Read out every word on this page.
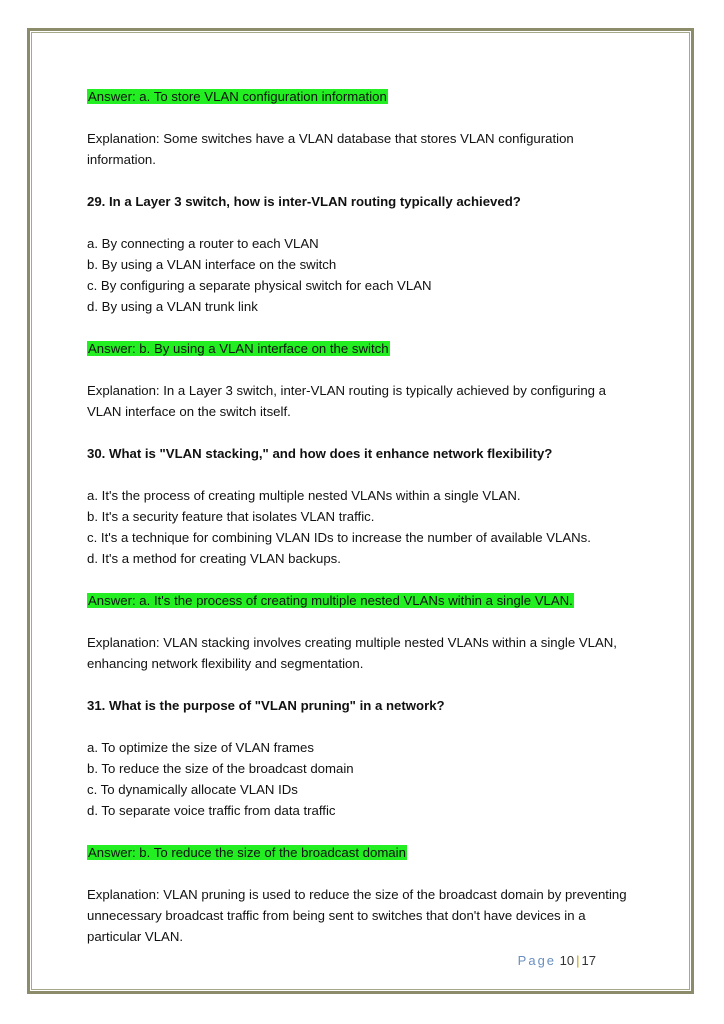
Answer: a. To store VLAN configuration information

Explanation: Some switches have a VLAN database that stores VLAN configuration

information.

29. In a Layer 3 switch, how is inter-VLAN routing typically achieved?

a. By connecting a router to each VLAN

b. By using a VLAN interface on the switch

c. By configuring a separate physical switch for each VLAN

d. By using a VLAN trunk link

Answer: b. By using a VLAN interface on the switch

Explanation: In a Layer 3 switch, inter-VLAN routing is typically achieved by configuring a

VLAN interface on the switch itself.

30. What is "VLAN stacking," and how does it enhance network flexibility?

a. It's the process of creating multiple nested VLANs within a single VLAN.

b. It's a security feature that isolates VLAN traffic.

c. It's a technique for combining VLAN IDs to increase the number of available VLANs.

d. It's a method for creating VLAN backups.

Answer: a. It's the process of creating multiple nested VLANs within a single VLAN.

Explanation: VLAN stacking involves creating multiple nested VLANs within a single VLAN,

enhancing network flexibility and segmentation.

31. What is the purpose of "VLAN pruning" in a network?

a. To optimize the size of VLAN frames

b. To reduce the size of the broadcast domain

c. To dynamically allocate VLAN IDs

d. To separate voice traffic from data traffic

Answer: b. To reduce the size of the broadcast domain

Explanation: VLAN pruning is used to reduce the size of the broadcast domain by preventing

unnecessary broadcast traffic from being sent to switches that don't have devices in a

particular VLAN.

Page 10 | 17
